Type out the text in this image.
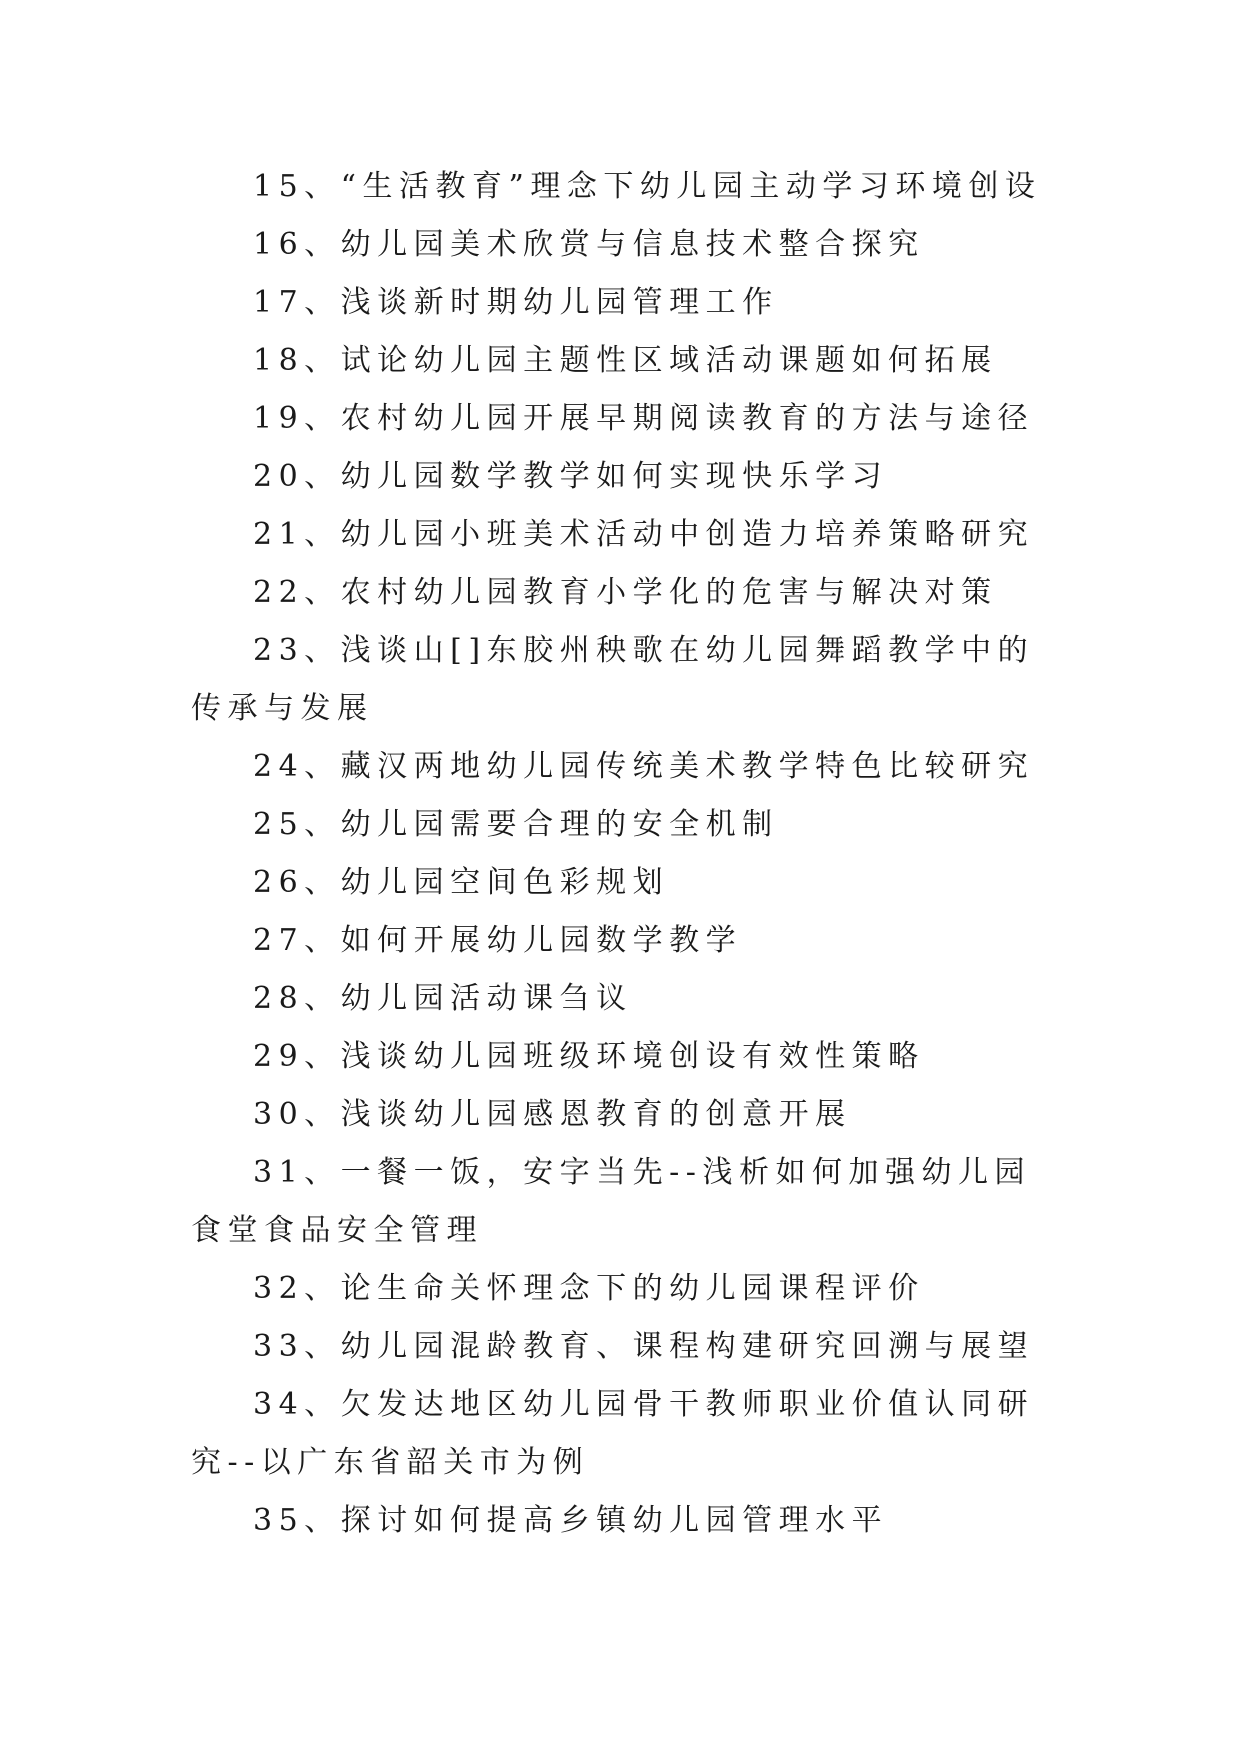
15、“生活教育”理念下幼儿园主动学习环境创设

16、幼儿园美术欣赏与信息技术整合探究

17、浅谈新时期幼儿园管理工作

18、试论幼儿园主题性区域活动课题如何拓展

19、农村幼儿园开展早期阅读教育的方法与途径

20、幼儿园数学教学如何实现快乐学习

21、幼儿园小班美术活动中创造力培养策略研究

22、农村幼儿园教育小学化的危害与解决对策

23、浅谈山[]东胶州秧歌在幼儿园舞蹈教学中的传承与发展

24、藏汉两地幼儿园传统美术教学特色比较研究

25、幼儿园需要合理的安全机制

26、幼儿园空间色彩规划

27、如何开展幼儿园数学教学

28、幼儿园活动课刍议

29、浅谈幼儿园班级环境创设有效性策略

30、浅谈幼儿园感恩教育的创意开展

31、一餐一饭，安字当先--浅析如何加强幼儿园食堂食品安全管理

32、论生命关怀理念下的幼儿园课程评价

33、幼儿园混龄教育、课程构建研究回溯与展望

34、欠发达地区幼儿园骨干教师职业价值认同研究--以广东省韶关市为例

35、探讨如何提高乡镇幼儿园管理水平
